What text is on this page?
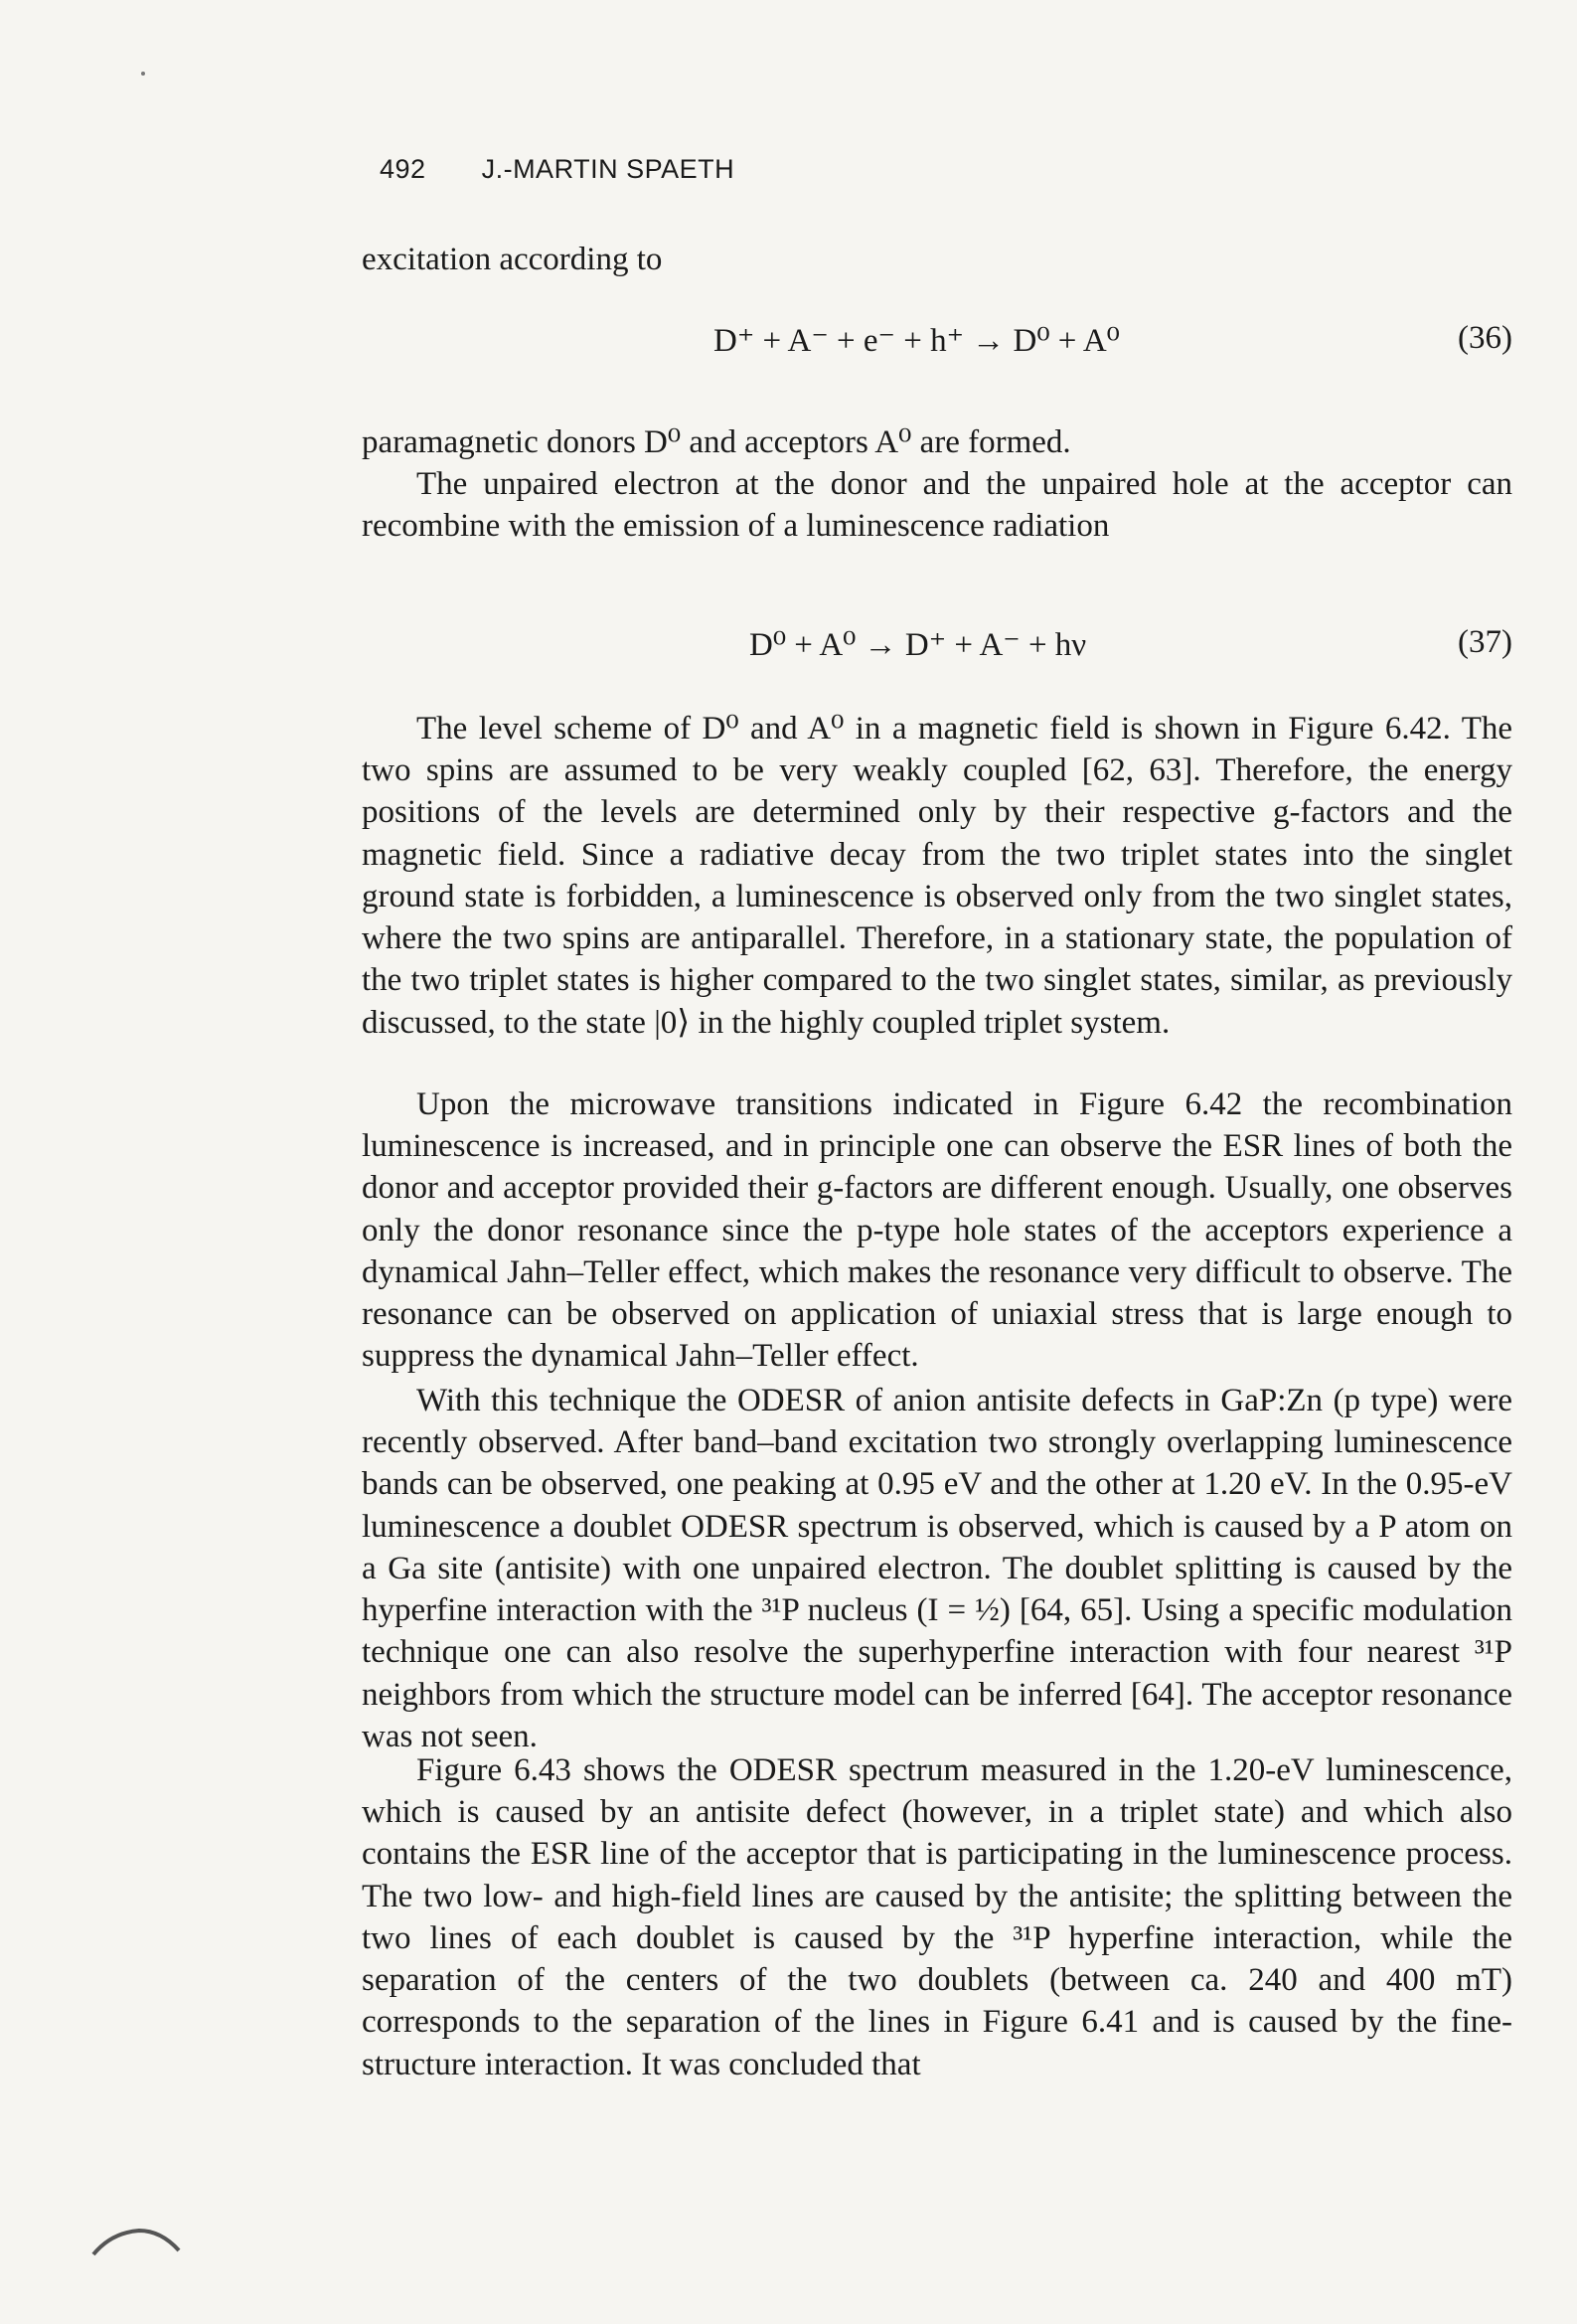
492 J.-MARTIN SPAETH

excitation according to

D⁺ + A⁻ + e⁻ + h⁺ → D⁰ + A⁰	(36)

paramagnetic donors D⁰ and acceptors A⁰ are formed.

The unpaired electron at the donor and the unpaired hole at the acceptor can recombine with the emission of a luminescence radiation

D⁰ + A⁰ → D⁺ + A⁻ + hν	(37)

The level scheme of D⁰ and A⁰ in a magnetic field is shown in Figure 6.42. The two spins are assumed to be very weakly coupled [62, 63]. Therefore, the energy positions of the levels are determined only by their respective g-factors and the magnetic field. Since a radiative decay from the two triplet states into the singlet ground state is forbidden, a luminescence is observed only from the two singlet states, where the two spins are antiparallel. Therefore, in a stationary state, the population of the two triplet states is higher compared to the two singlet states, similar, as previously discussed, to the state |0⟩ in the highly coupled triplet system.

Upon the microwave transitions indicated in Figure 6.42 the recombination luminescence is increased, and in principle one can observe the ESR lines of both the donor and acceptor provided their g-factors are different enough. Usually, one observes only the donor resonance since the p-type hole states of the acceptors experience a dynamical Jahn–Teller effect, which makes the resonance very difficult to observe. The resonance can be observed on application of uniaxial stress that is large enough to suppress the dynamical Jahn–Teller effect.

With this technique the ODESR of anion antisite defects in GaP:Zn (p type) were recently observed. After band–band excitation two strongly overlapping luminescence bands can be observed, one peaking at 0.95 eV and the other at 1.20 eV. In the 0.95-eV luminescence a doublet ODESR spectrum is observed, which is caused by a P atom on a Ga site (antisite) with one unpaired electron. The doublet splitting is caused by the hyperfine interaction with the ³¹P nucleus (I = ½) [64, 65]. Using a specific modulation technique one can also resolve the superhyperfine interaction with four nearest ³¹P neighbors from which the structure model can be inferred [64]. The acceptor resonance was not seen.

Figure 6.43 shows the ODESR spectrum measured in the 1.20-eV luminescence, which is caused by an antisite defect (however, in a triplet state) and which also contains the ESR line of the acceptor that is participating in the luminescence process. The two low- and high-field lines are caused by the antisite; the splitting between the two lines of each doublet is caused by the ³¹P hyperfine interaction, while the separation of the centers of the two doublets (between ca. 240 and 400 mT) corresponds to the separation of the lines in Figure 6.41 and is caused by the fine-structure interaction. It was concluded that
